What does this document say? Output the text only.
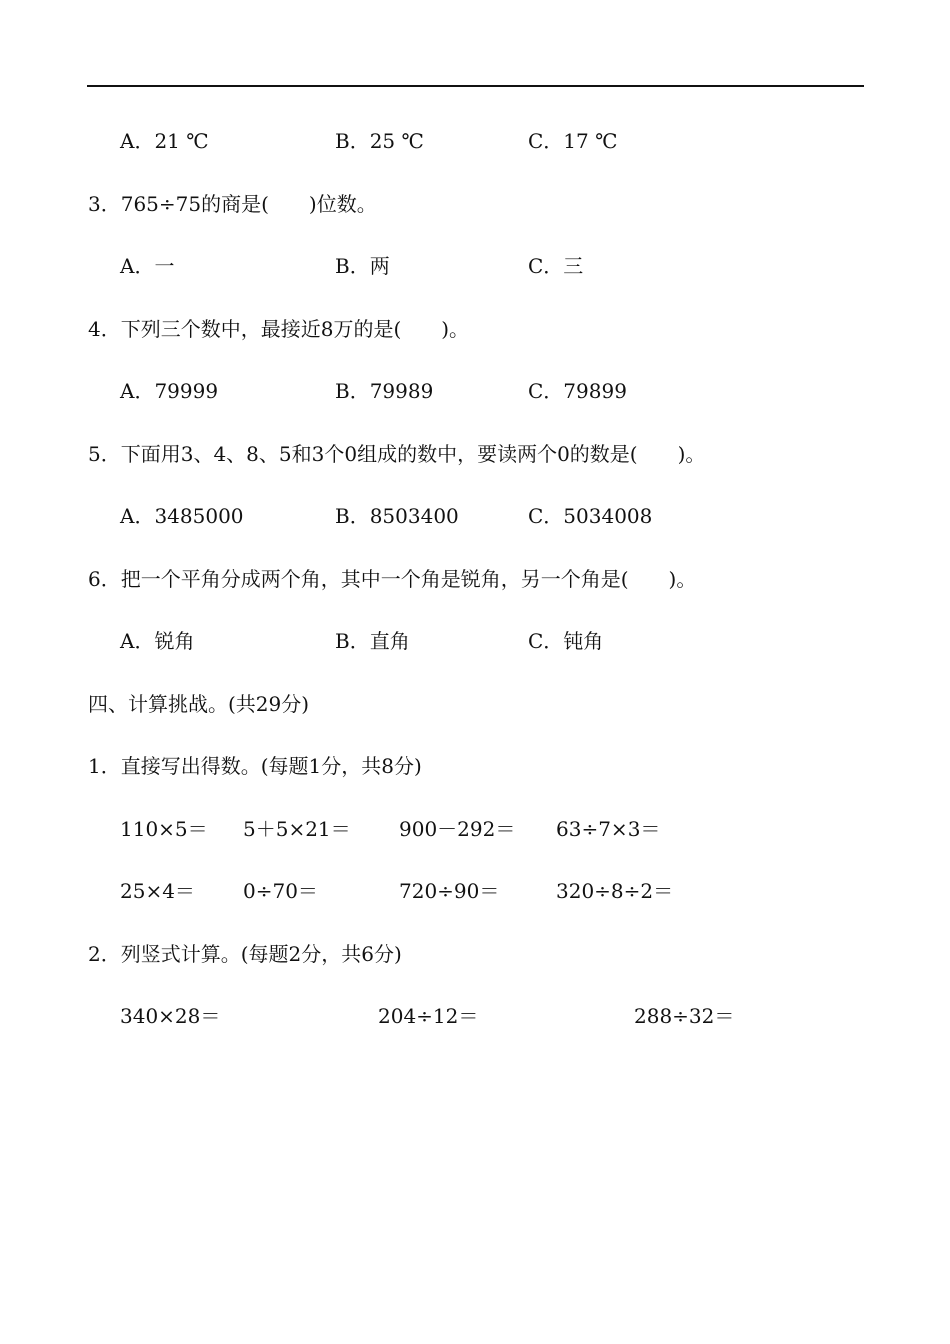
A．21 ℃	B．25 ℃	C．17 ℃
3．765÷75的商是(　　)位数。
A．一	B．两	C．三
4．下列三个数中，最接近8万的是(　　)。
A．79999	B．79989	C．79899
5．下面用3、4、8、5和3个0组成的数中，要读两个0的数是(　　)。
A．3485000	B．8503400	C．5034008
6．把一个平角分成两个角，其中一个角是锐角，另一个角是(　　)。
A．锐角	B．直角	C．钝角
四、计算挑战。(共29分)
1．直接写出得数。(每题1分，共8分)
110×5＝ 5＋5×21＝ 900－292＝ 63÷7×3＝
25×4＝ 0÷70＝	720÷90＝	320÷8÷2＝
2．列竖式计算。(每题2分，共6分)
340×28＝	204÷12＝	288÷32＝
